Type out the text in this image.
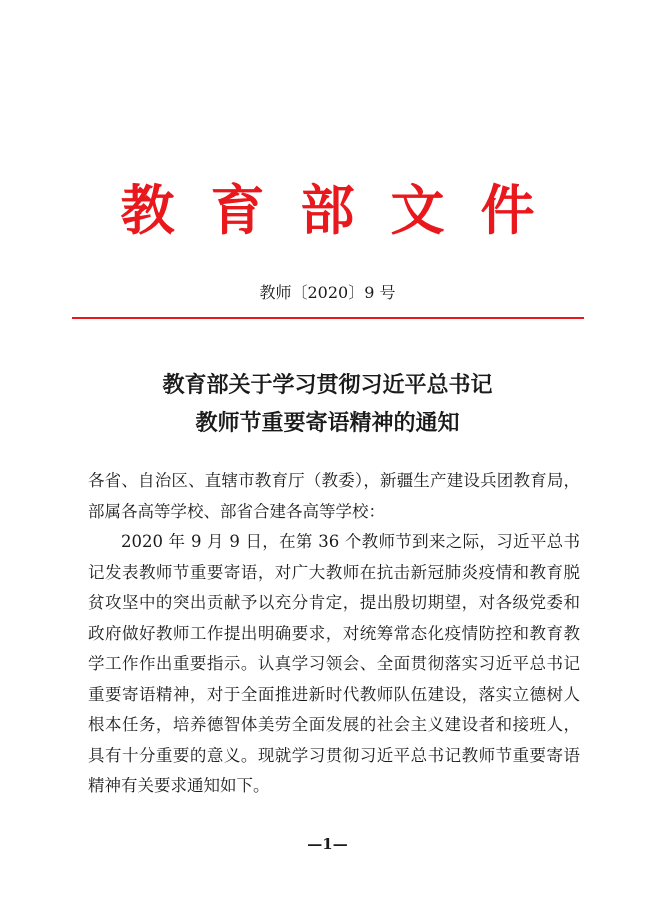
教育部文件
教师〔2020〕9 号
教育部关于学习贯彻习近平总书记
教师节重要寄语精神的通知

各省、自治区、直辖市教育厅（教委），新疆生产建设兵团教育局，部属各高等学校、部省合建各高等学校：

2020 年 9 月 9 日，在第 36 个教师节到来之际，习近平总书记发表教师节重要寄语，对广大教师在抗击新冠肺炎疫情和教育脱贫攻坚中的突出贡献予以充分肯定，提出殷切期望，对各级党委和政府做好教师工作提出明确要求，对统筹常态化疫情防控和教育教学工作作出重要指示。认真学习领会、全面贯彻落实习近平总书记重要寄语精神，对于全面推进新时代教师队伍建设，落实立德树人根本任务，培养德智体美劳全面发展的社会主义建设者和接班人，具有十分重要的意义。现就学习贯彻习近平总书记教师节重要寄语精神有关要求通知如下。

—1—
